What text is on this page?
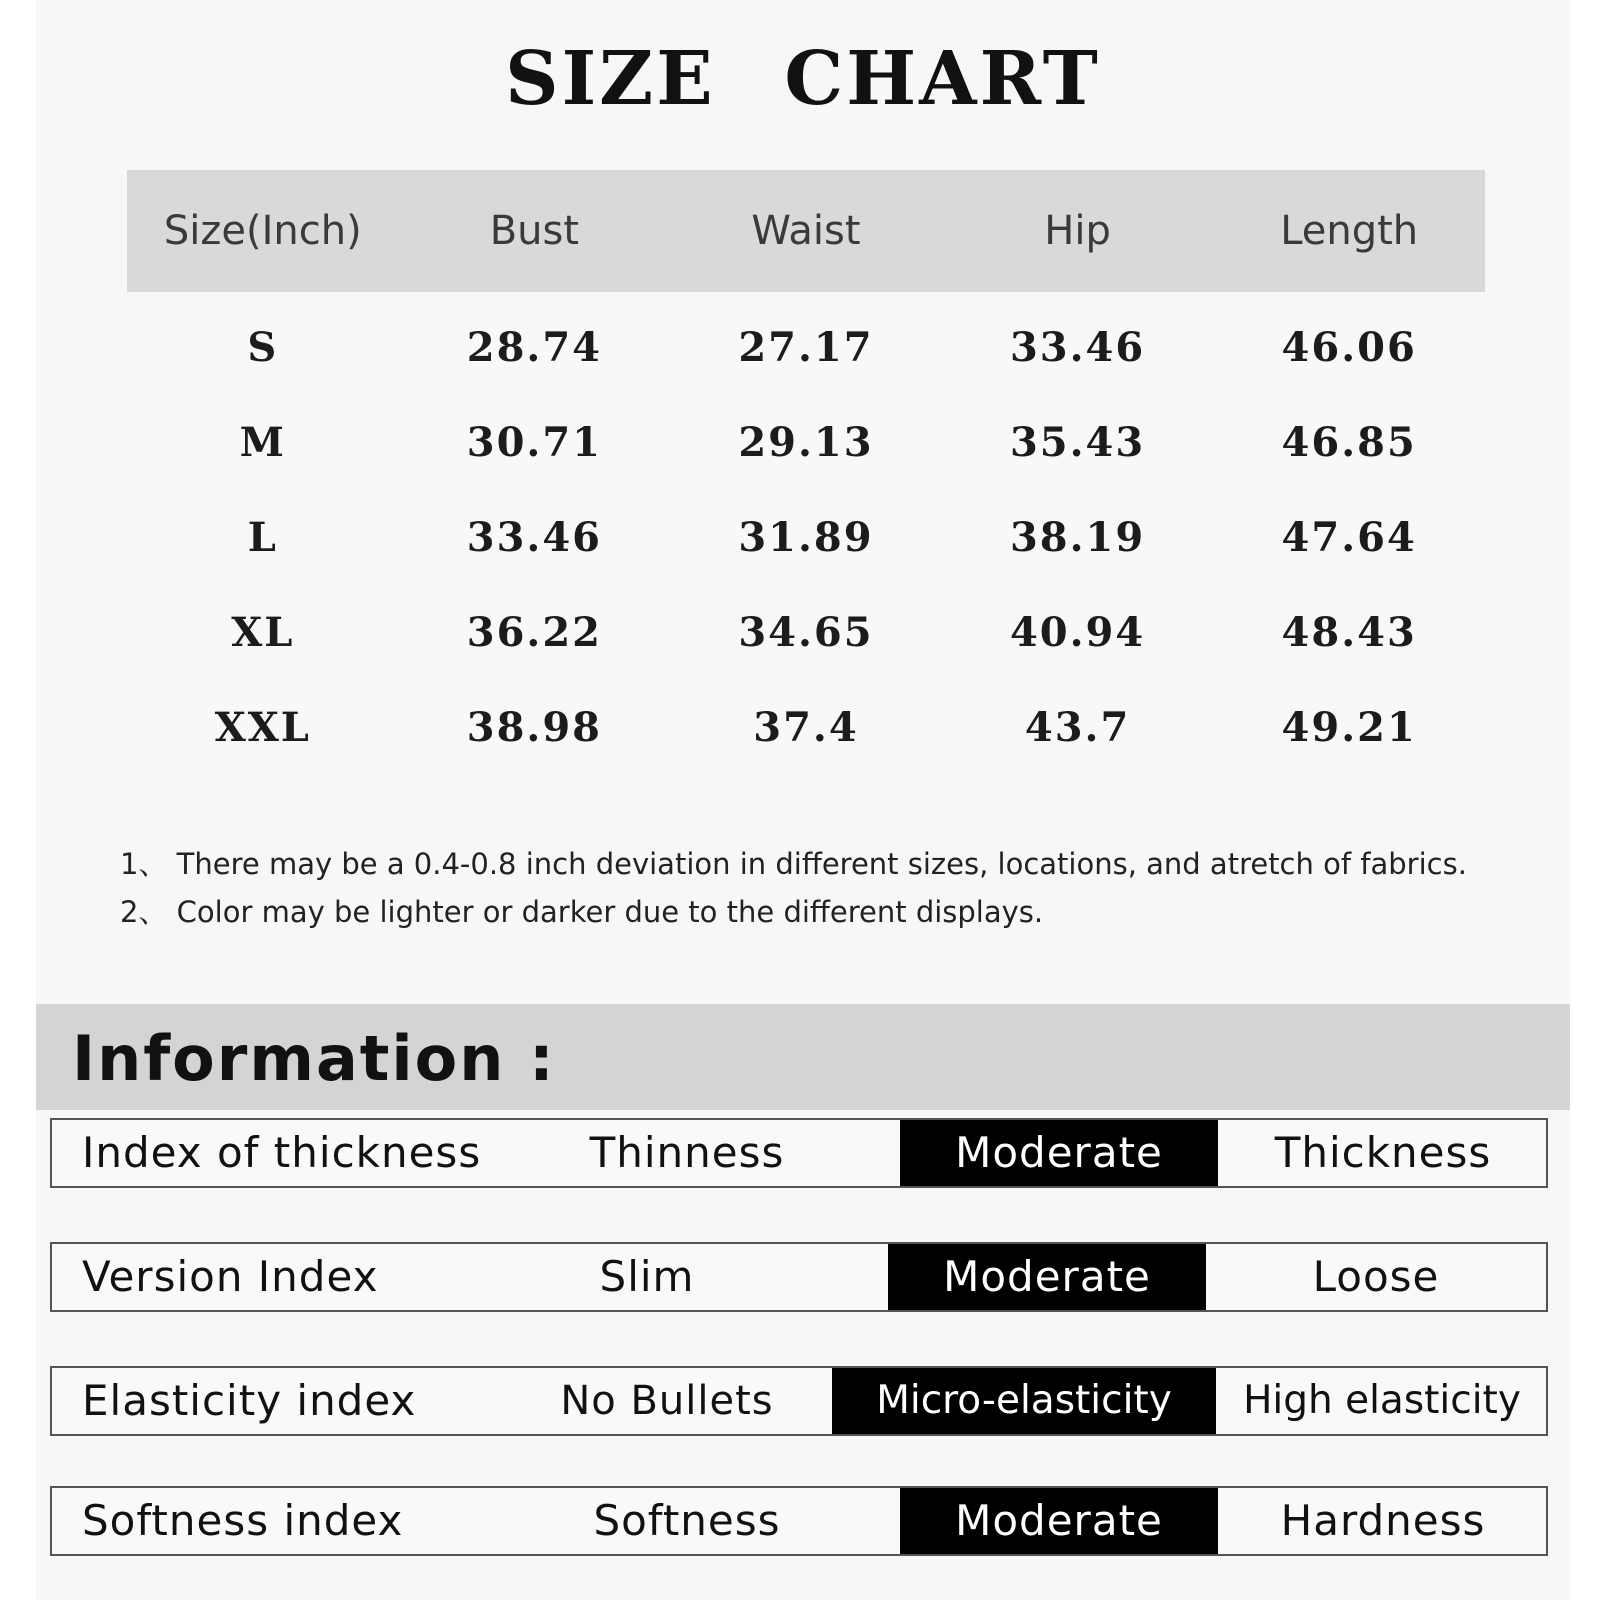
SIZE CHART
Size(Inch)	Bust	Waist	Hip	Length
S	28.74	27.17	33.46	46.06
M	30.71	29.13	35.43	46.85
L	33.46	31.89	38.19	47.64
XL	36.22	34.65	40.94	48.43
XXL	38.98	37.4	43.7	49.21
1、 There may be a 0.4-0.8 inch deviation in different sizes, locations, and atretch of fabrics.
2、 Color may be lighter or darker due to the different displays.
Information :
Index of thickness	Thinness	Moderate	Thickness
Version Index	Slim	Moderate	Loose
Elasticity index	No Bullets	Micro-elasticity	High elasticity
Softness index	Softness	Moderate	Hardness
